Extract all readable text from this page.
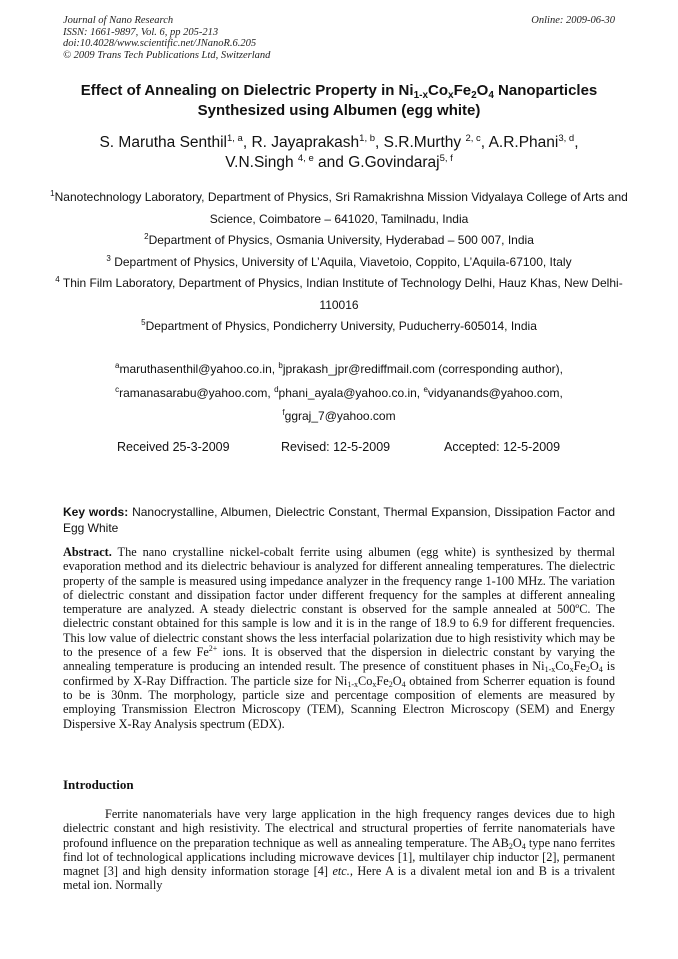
Journal of Nano Research
ISSN: 1661-9897, Vol. 6, pp 205-213
doi:10.4028/www.scientific.net/JNanoR.6.205
© 2009 Trans Tech Publications Ltd, Switzerland
Online: 2009-06-30
Effect of Annealing on Dielectric Property in $Ni_{1-x}Co_xFe_2O_4$ Nanoparticles Synthesized using Albumen (egg white)
S. Marutha Senthil$^{1, a}$, R. Jayaprakash$^{1, b}$, S.R.Murthy $^{2, c}$, A.R.Phani$^{3, d}$,
V.N.Singh $^{4, e}$ and G.Govindaraj$^{5, f}$
$^1$Nanotechnology Laboratory, Department of Physics, Sri Ramakrishna Mission Vidyalaya College of Arts and Science, Coimbatore – 641020, Tamilnadu, India
$^2$Department of Physics, Osmania University, Hyderabad – 500 007, India
$^3$ Department of Physics, University of L’Aquila, Viavetoio, Coppito, L’Aquila-67100, Italy
$^4$ Thin Film Laboratory, Department of Physics, Indian Institute of Technology Delhi, Hauz Khas, New Delhi-110016
$^5$Department of Physics, Pondicherry University, Puducherry-605014, India
$^a$maruthasenthil@yahoo.co.in, $^b$jprakash_jpr@rediffmail.com (corresponding author),
$^c$ramanasarabu@yahoo.com, $^d$phani_ayala@yahoo.co.in, $^e$vidyanands@yahoo.com,
$^f$ggraj_7@yahoo.com
Received 25-3-2009	Revised: 12-5-2009	Accepted: 12-5-2009
Key words: Nanocrystalline, Albumen, Dielectric Constant, Thermal Expansion, Dissipation Factor and Egg White
Abstract. The nano crystalline nickel-cobalt ferrite using albumen (egg white) is synthesized by thermal evaporation method and its dielectric behaviour is analyzed for different annealing temperatures. The dielectric property of the sample is measured using impedance analyzer in the frequency range 1-100 MHz. The variation of dielectric constant and dissipation factor under different frequency for the samples at different annealing temperature are analyzed. A steady dielectric constant is observed for the sample annealed at 500ºC. The dielectric constant obtained for this sample is low and it is in the range of 18.9 to 6.9 for different frequencies. This low value of dielectric constant shows the less interfacial polarization due to high resistivity which may be to the presence of a few $Fe^{2+}$ ions. It is observed that the dispersion in dielectric constant by varying the annealing temperature is producing an intended result. The presence of constituent phases in $Ni_{1-x}Co_xFe_2O_4$ is confirmed by X-Ray Diffraction. The particle size for $Ni_{1-x}Co_xFe_2O_4$ obtained from Scherrer equation is found to be is 30nm. The morphology, particle size and percentage composition of elements are measured by employing Transmission Electron Microscopy (TEM), Scanning Electron Microscopy (SEM) and Energy Dispersive X-Ray Analysis spectrum (EDX).
Introduction
Ferrite nanomaterials have very large application in the high frequency ranges devices due to high dielectric constant and high resistivity. The electrical and structural properties of ferrite nanomaterials have profound influence on the preparation technique as well as annealing temperature. The $AB_2O_4$ type nano ferrites find lot of technological applications including microwave devices [1], multilayer chip inductor [2], permanent magnet [3] and high density information storage [4] etc., Here A is a divalent metal ion and B is a trivalent metal ion. Normally
